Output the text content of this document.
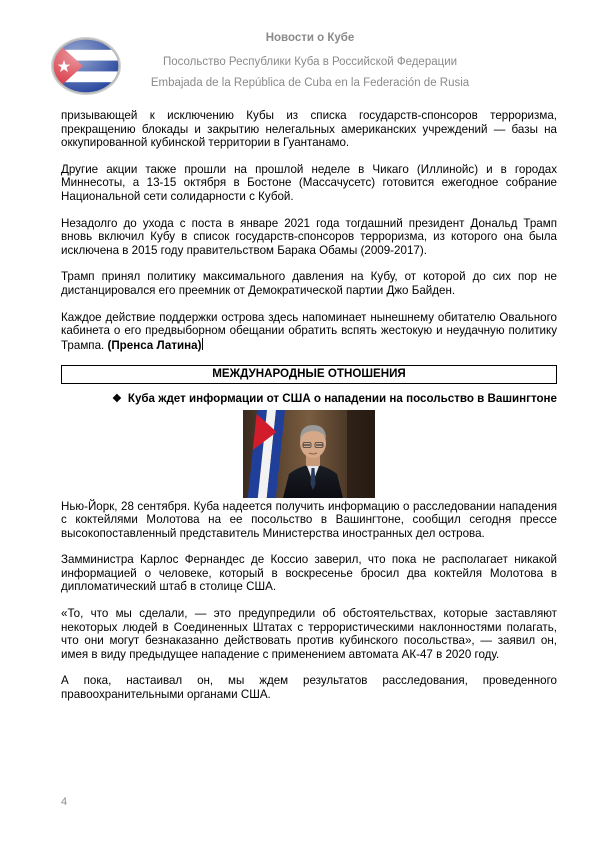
Новости о Кубе
Посольство Республики Куба в Российской Федерации
Embajada de la República de Cuba en la Federación de Rusia

призывающей к исключению Кубы из списка государств-спонсоров терроризма, прекращению блокады и закрытию нелегальных американских учреждений — базы на оккупированной кубинской территории в Гуантанамо.

Другие акции также прошли на прошлой неделе в Чикаго (Иллинойс) и в городах Миннесоты, а 13-15 октября в Бостоне (Массачусетс) готовится ежегодное собрание Национальной сети солидарности с Кубой.

Незадолго до ухода с поста в январе 2021 года тогдашний президент Дональд Трамп вновь включил Кубу в список государств-спонсоров терроризма, из которого она была исключена в 2015 году правительством Барака Обамы (2009-2017).

Трамп принял политику максимального давления на Кубу, от которой до сих пор не дистанцировался его преемник от Демократической партии Джо Байден.

Каждое действие поддержки острова здесь напоминает нынешнему обитателю Овального кабинета о его предвыборном обещании обратить вспять жестокую и неудачную политику Трампа. (Пренса Латина)

МЕЖДУНАРОДНЫЕ ОТНОШЕНИЯ
❖ Куба ждет информации от США о нападении на посольство в Вашингтоне

Нью-Йорк, 28 сентября. Куба надеется получить информацию о расследовании нападения с коктейлями Молотова на ее посольство в Вашингтоне, сообщил сегодня прессе высокопоставленный представитель Министерства иностранных дел острова.

Замминистра Карлос Фернандес де Коссио заверил, что пока не располагает никакой информацией о человеке, который в воскресенье бросил два коктейля Молотова в дипломатический штаб в столице США.

«То, что мы сделали, — это предупредили об обстоятельствах, которые заставляют некоторых людей в Соединенных Штатах с террористическими наклонностями полагать, что они могут безнаказанно действовать против кубинского посольства», — заявил он, имея в виду предыдущее нападение с применением автомата АК-47 в 2020 году.

А пока, настаивал он, мы ждем результатов расследования, проведенного правоохранительными органами США.

4
